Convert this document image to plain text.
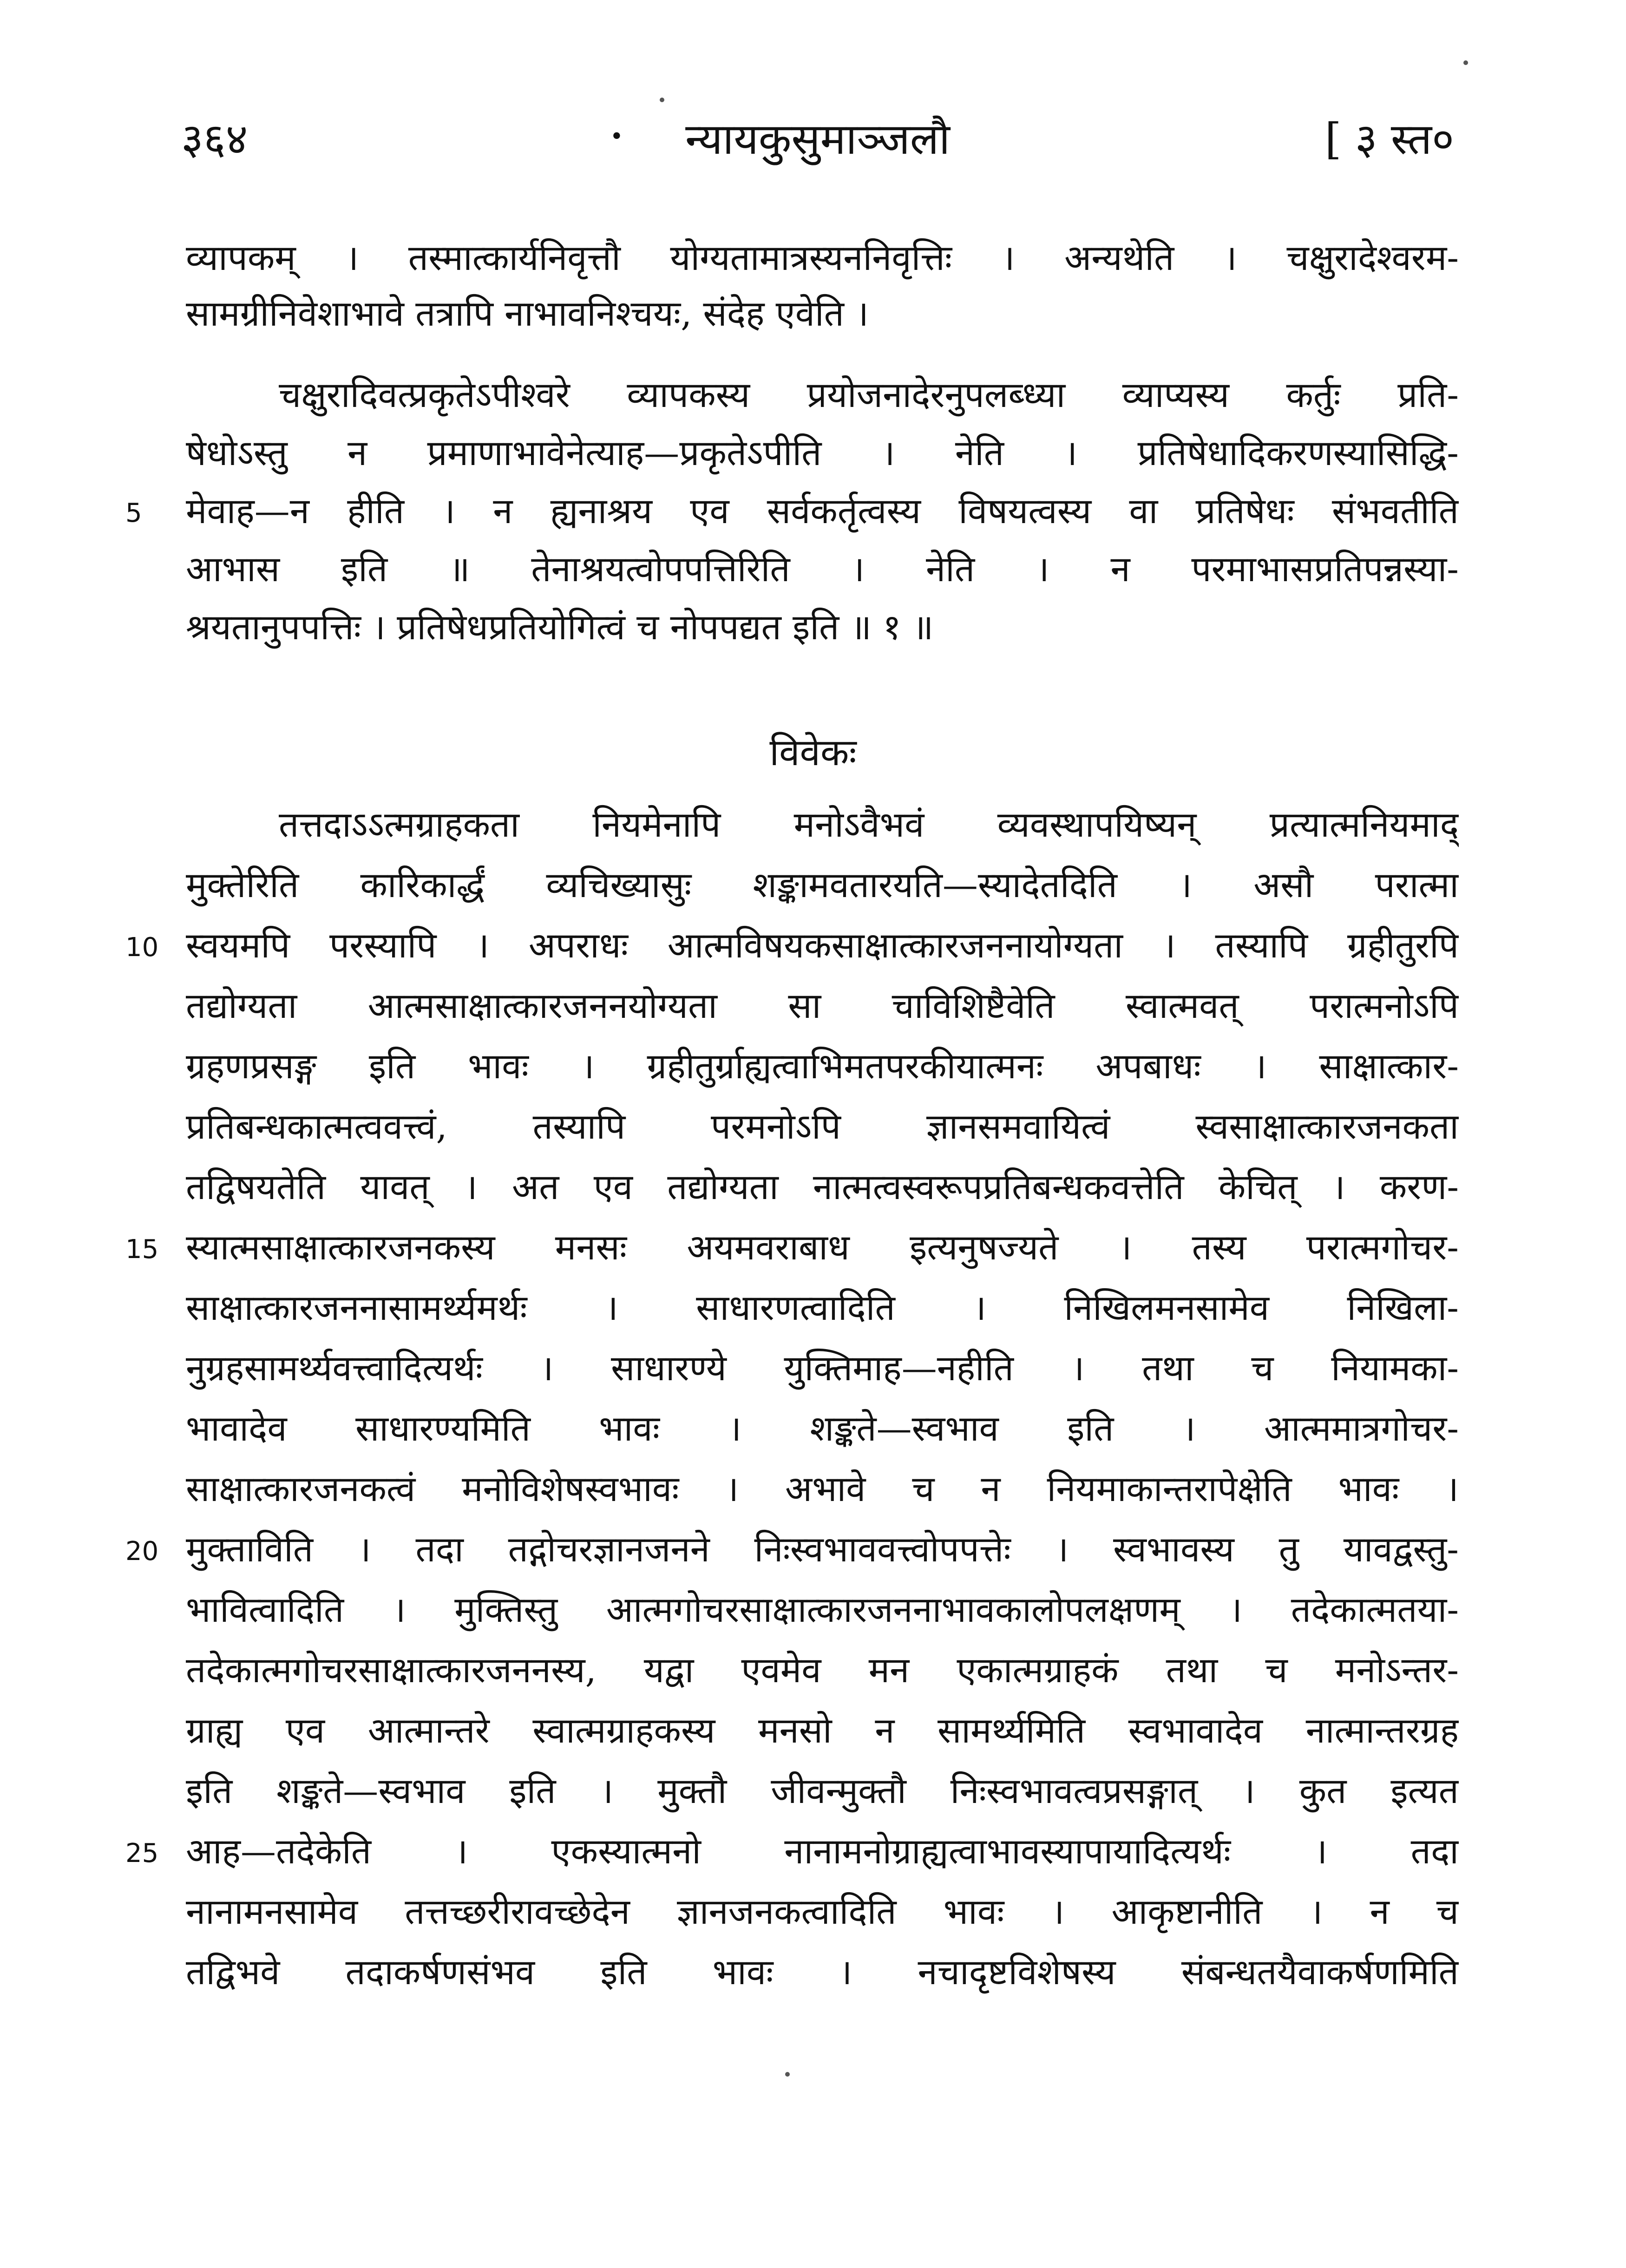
३६४	·	न्यायकुसुमाञ्जलौ	[ ३ स्त०
व्यापकम् । तस्मात्कार्यनिवृत्तौ योग्यतामात्रस्यननिवृत्तिः । अन्यथेति । चक्षुरादेश्वरम-
सामग्रीनिवेशाभावे तत्रापि नाभावनिश्चयः, संदेह एवेति ।
चक्षुरादिवत्प्रकृतेऽपीश्वरे व्यापकस्य प्रयोजनादेरनुपलब्ध्या व्याप्यस्य कर्तुः प्रति-
षेधोऽस्तु न प्रमाणाभावेनेत्याह—प्रकृतेऽपीति । नेति । प्रतिषेधादिकरणस्यासिद्धि-
5	मेवाह—न हीति । न ह्यनाश्रय एव सर्वकर्तृत्वस्य विषयत्वस्य वा प्रतिषेधः संभवतीति
आभास इति ॥ तेनाश्रयत्वोपपत्तिरिति । नेति । न परमाभासप्रतिपन्नस्या-
श्रयतानुपपत्तिः । प्रतिषेधप्रतियोगित्वं च नोपपद्यत इति ॥ १ ॥
विवेकः
तत्तदाऽऽत्मग्राहकता नियमेनापि मनोऽवैभवं व्यवस्थापयिष्यन् प्रत्यात्मनियमाद्
मुक्तेरिति कारिकार्द्धं व्यचिख्यासुः शङ्कामवतारयति—स्यादेतदिति । असौ परात्मा
10 स्वयमपि परस्यापि । अपराधः आत्मविषयकसाक्षात्कारजननायोग्यता । तस्यापि ग्रहीतुरपि
तद्योग्यता आत्मसाक्षात्कारजननयोग्यता सा चाविशिष्टैवेति स्वात्मवत् परात्मनोऽपि
ग्रहणप्रसङ्ग इति भावः । ग्रहीतुर्ग्राह्यत्वाभिमतपरकीयात्मनः अपबाधः । साक्षात्कार-
प्रतिबन्धकात्मत्ववत्त्वं, तस्यापि परमनोऽपि ज्ञानसमवायित्वं स्वसाक्षात्कारजनकता
तद्विषयतेति यावत् । अत एव तद्योग्यता नात्मत्वस्वरूपप्रतिबन्धकवत्तेति केचित् । करण-
15 स्यात्मसाक्षात्कारजनकस्य मनसः अयमवराबाध इत्यनुषज्यते । तस्य परात्मगोचर-
साक्षात्कारजननासामर्थ्यमर्थः । साधारणत्वादिति । निखिलमनसामेव निखिला-
नुग्रहसामर्थ्यवत्त्वादित्यर्थः । साधारण्ये युक्तिमाह—नहीति । तथा च नियामका-
भावादेव साधारण्यमिति भावः । शङ्कते—स्वभाव इति । आत्ममात्रगोचर-
साक्षात्कारजनकत्वं मनोविशेषस्वभावः । अभावे च न नियमाकान्तरापेक्षेति भावः ।
20 मुक्ताविति । तदा तद्गोचरज्ञानजनने निःस्वभाववत्त्वोपपत्तेः । स्वभावस्य तु यावद्वस्तु-
भावित्वादिति । मुक्तिस्तु आत्मगोचरसाक्षात्कारजननाभावकालोपलक्षणम् । तदेकात्मतया-
तदेकात्मगोचरसाक्षात्कारजननस्य, यद्वा एवमेव मन एकात्मग्राहकं तथा च मनोऽन्तर-
ग्राह्य एव आत्मान्तरे स्वात्मग्राहकस्य मनसो न सामर्थ्यमिति स्वभावादेव नात्मान्तरग्रह
इति शङ्कते—स्वभाव इति । मुक्तौ जीवन्मुक्तौ निःस्वभावत्वप्रसङ्गात् । कुत इत्यत
25 आह—तदेकेति । एकस्यात्मनो नानामनोग्राह्यत्वाभावस्यापायादित्यर्थः । तदा
नानामनसामेव तत्तच्छरीरावच्छेदेन ज्ञानजनकत्वादिति भावः । आकृष्टानीति । न च
तद्विभवे तदाकर्षणसंभव इति भावः । नचादृष्टविशेषस्य संबन्धतयैवाकर्षणमिति
